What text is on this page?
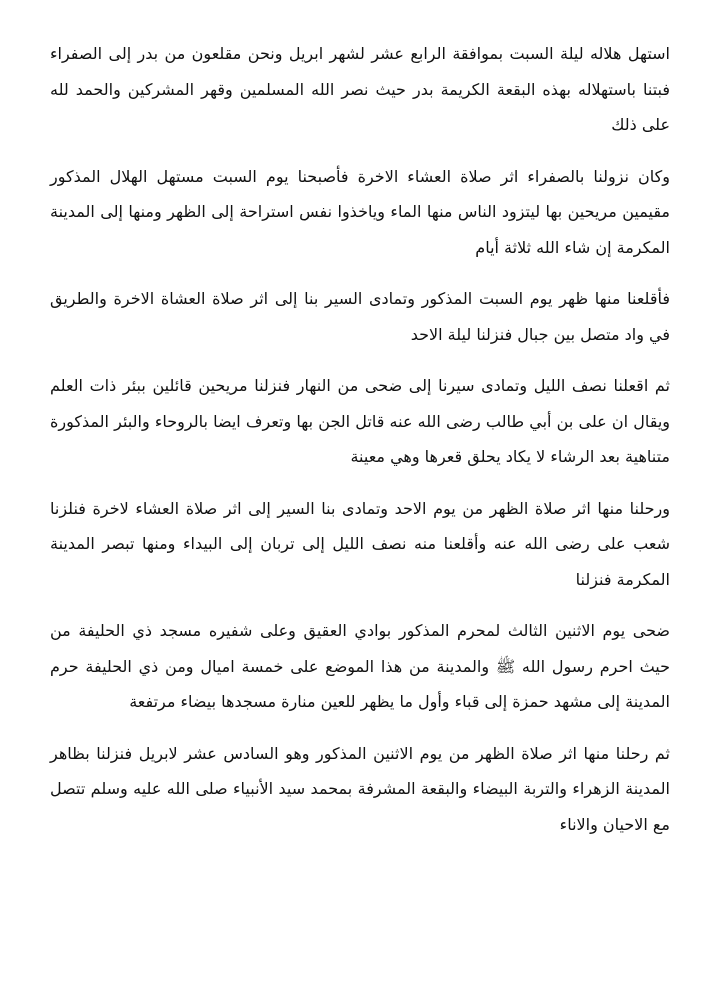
استهل هلاله ليلة السبت بموافقة الرابع عشر لشهر ابريل ونحن مقلعون من بدر إلى الصفراء فبتنا باستهلاله بهذه البقعة الكريمة بدر حيث نصر الله المسلمين وقهر المشركين والحمد لله على ذلك

وكان نزولنا بالصفراء اثر صلاة العشاء الاخرة فأصبحنا يوم السبت مستهل الهلال المذكور مقيمين مريحين بها ليتزود الناس منها الماء وياخذوا نفس استراحة إلى الظهر ومنها إلى المدينة المكرمة إن شاء الله ثلاثة أيام

فأقلعنا منها ظهر يوم السبت المذكور وتمادى السير بنا إلى اثر صلاة العشاة الاخرة والطريق في واد متصل بين جبال فنزلنا ليلة الاحد

ثم اقعلنا نصف الليل وتمادى سيرنا إلى ضحى من النهار فنزلنا مريحين قائلين ببئر ذات العلم ويقال ان على بن أبي طالب رضى الله عنه قاتل الجن بها وتعرف ايضا بالروحاء والبئر المذكورة متناهية بعد الرشاء لا يكاد يحلق قعرها وهي معينة

ورحلنا منها اثر صلاة الظهر من يوم الاحد وتمادى بنا السير إلى اثر صلاة العشاء لاخرة فنلزنا شعب على رضى الله عنه وأقلعنا منه نصف الليل إلى تربان إلى البيداء ومنها تبصر المدينة المكرمة فنزلنا

ضحى يوم الاثنين الثالث لمحرم المذكور بوادي العقيق وعلى شفيره مسجد ذي الحليفة من حيث احرم رسول الله ﷺ والمدينة من هذا الموضع على خمسة اميال ومن ذي الحليفة حرم المدينة إلى مشهد حمزة إلى قباء وأول ما يظهر للعين منارة مسجدها بيضاء مرتفعة

ثم رحلنا منها اثر صلاة الظهر من يوم الاثنين المذكور وهو السادس عشر لابريل فنزلنا بظاهر المدينة الزهراء والتربة البيضاء والبقعة المشرفة بمحمد سيد الأنبياء صلى الله عليه وسلم تتصل مع الاحيان والاناء
